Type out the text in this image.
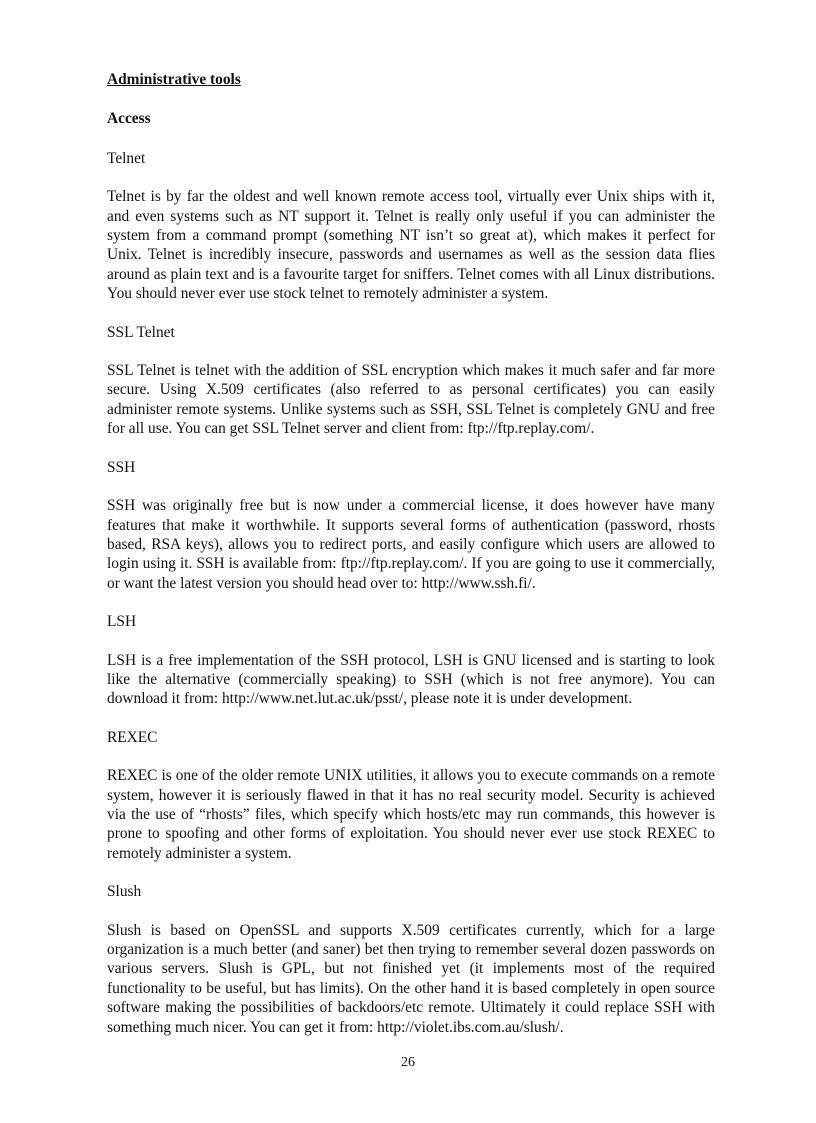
Administrative tools

Access

Telnet

Telnet is by far the oldest and well known remote access tool, virtually ever Unix ships with it, and even systems such as NT support it. Telnet is really only useful if you can administer the system from a command prompt (something NT isn’t so great at), which makes it perfect for Unix. Telnet is incredibly insecure, passwords and usernames as well as the session data flies around as plain text and is a favourite target for sniffers. Telnet comes with all Linux distributions. You should never ever use stock telnet to remotely administer a system.

SSL Telnet

SSL Telnet is telnet with the addition of SSL encryption which makes it much safer and far more secure. Using X.509 certificates (also referred to as personal certificates) you can easily administer remote systems. Unlike systems such as SSH, SSL Telnet is completely GNU and free for all use. You can get SSL Telnet server and client from: ftp://ftp.replay.com/.

SSH

SSH was originally free but is now under a commercial license, it does however have many features that make it worthwhile. It supports several forms of authentication (password, rhosts based, RSA keys), allows you to redirect ports, and easily configure which users are allowed to login using it. SSH is available from: ftp://ftp.replay.com/. If you are going to use it commercially, or want the latest version you should head over to: http://www.ssh.fi/.

LSH

LSH is a free implementation of the SSH protocol, LSH is GNU licensed and is starting to look like the alternative (commercially speaking) to SSH (which is not free anymore). You can download it from: http://www.net.lut.ac.uk/psst/, please note it is under development.

REXEC

REXEC is one of the older remote UNIX utilities, it allows you to execute commands on a remote system, however it is seriously flawed in that it has no real security model. Security is achieved via the use of “rhosts” files, which specify which hosts/etc may run commands, this however is prone to spoofing and other forms of exploitation. You should never ever use stock REXEC to remotely administer a system.

Slush

Slush is based on OpenSSL and supports X.509 certificates currently, which for a large organization is a much better (and saner) bet then trying to remember several dozen passwords on various servers. Slush is GPL, but not finished yet (it implements most of the required functionality to be useful, but has limits). On the other hand it is based completely in open source software making the possibilities of backdoors/etc remote. Ultimately it could replace SSH with something much nicer. You can get it from: http://violet.ibs.com.au/slush/.

26
